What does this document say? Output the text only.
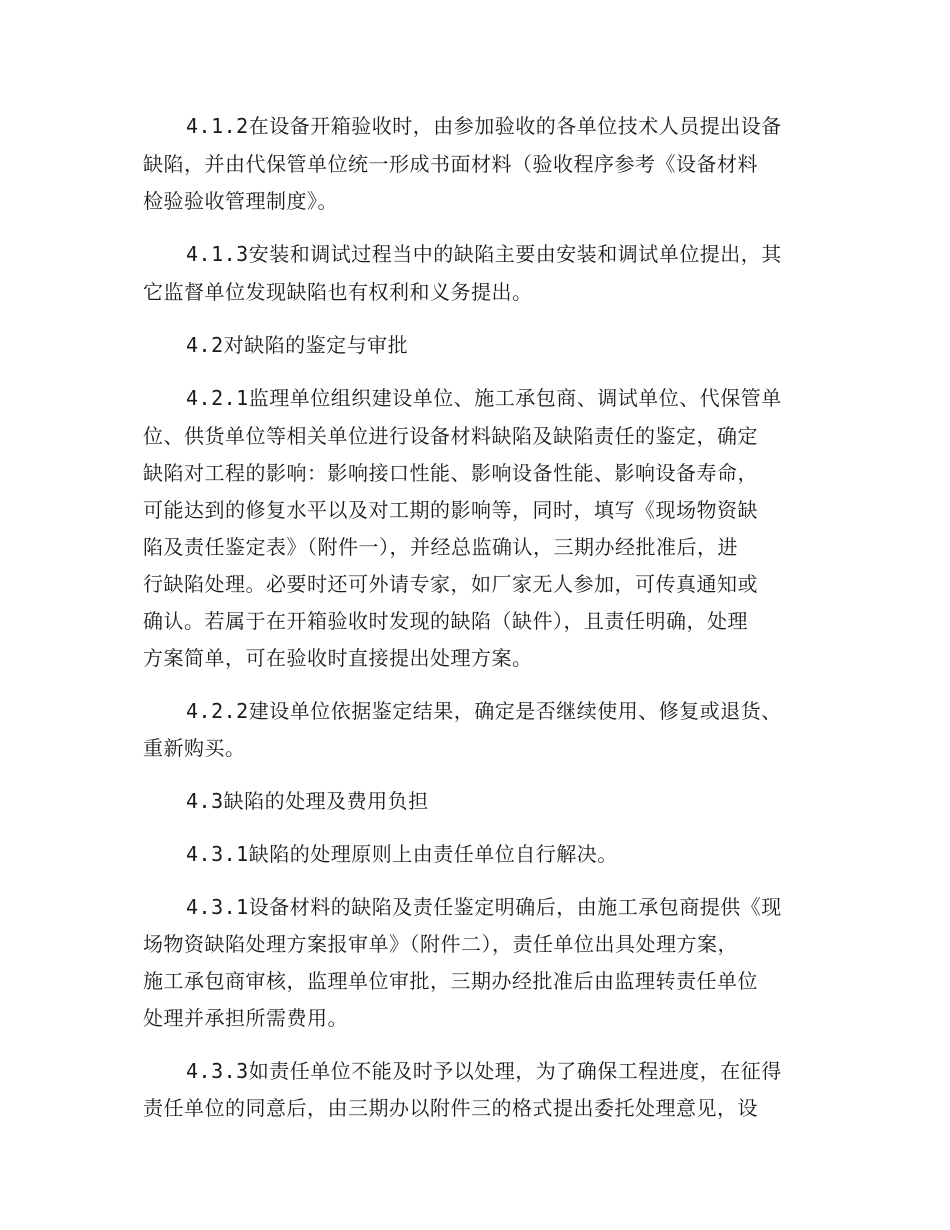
4.1.2在设备开箱验收时，由参加验收的各单位技术人员提出设备

缺陷，并由代保管单位统一形成书面材料（验收程序参考《设备材料

检验验收管理制度》。

4.1.3安装和调试过程当中的缺陷主要由安装和调试单位提出，其

它监督单位发现缺陷也有权利和义务提出。

4.2对缺陷的鉴定与审批

4.2.1监理单位组织建设单位、施工承包商、调试单位、代保管单

位、供货单位等相关单位进行设备材料缺陷及缺陷责任的鉴定，确定

缺陷对工程的影响：影响接口性能、影响设备性能、影响设备寿命，

可能达到的修复水平以及对工期的影响等，同时，填写《现场物资缺

陷及责任鉴定表》（附件一），并经总监确认，三期办经批准后，进

行缺陷处理。必要时还可外请专家，如厂家无人参加，可传真通知或

确认。若属于在开箱验收时发现的缺陷（缺件），且责任明确，处理

方案简单，可在验收时直接提出处理方案。

4.2.2建设单位依据鉴定结果，确定是否继续使用、修复或退货、

重新购买。

4.3缺陷的处理及费用负担

4.3.1缺陷的处理原则上由责任单位自行解决。

4.3.1设备材料的缺陷及责任鉴定明确后，由施工承包商提供《现

场物资缺陷处理方案报审单》（附件二），责任单位出具处理方案，

施工承包商审核，监理单位审批，三期办经批准后由监理转责任单位

处理并承担所需费用。

4.3.3如责任单位不能及时予以处理，为了确保工程进度，在征得

责任单位的同意后，由三期办以附件三的格式提出委托处理意见，设
